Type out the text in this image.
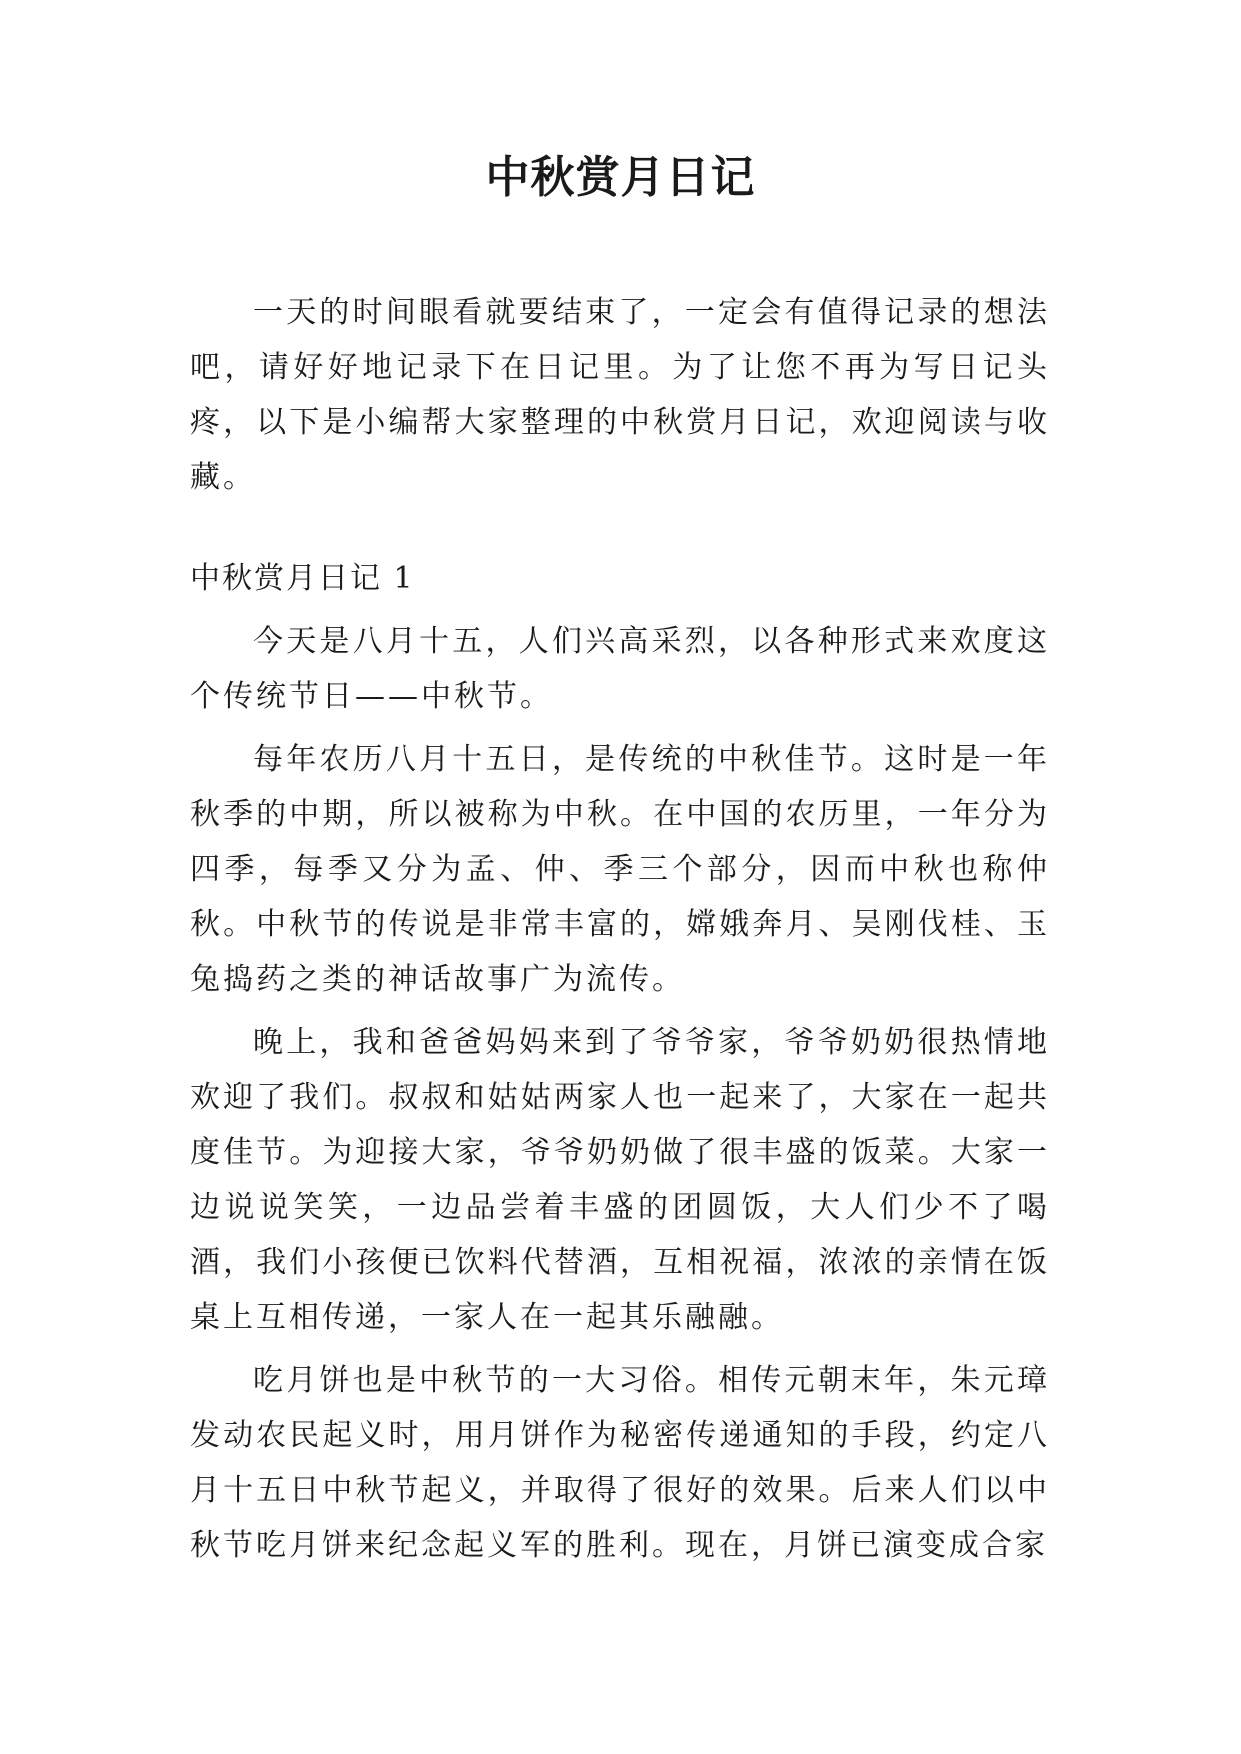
中秋赏月日记

一天的时间眼看就要结束了，一定会有值得记录的想法吧，请好好地记录下在日记里。为了让您不再为写日记头疼，以下是小编帮大家整理的中秋赏月日记，欢迎阅读与收藏。

中秋赏月日记 1

今天是八月十五，人们兴高采烈，以各种形式来欢度这个传统节日——中秋节。

每年农历八月十五日，是传统的中秋佳节。这时是一年秋季的中期，所以被称为中秋。在中国的农历里，一年分为四季，每季又分为孟、仲、季三个部分，因而中秋也称仲秋。中秋节的传说是非常丰富的，嫦娥奔月、吴刚伐桂、玉兔捣药之类的神话故事广为流传。

晚上，我和爸爸妈妈来到了爷爷家，爷爷奶奶很热情地欢迎了我们。叔叔和姑姑两家人也一起来了，大家在一起共度佳节。为迎接大家，爷爷奶奶做了很丰盛的饭菜。大家一边说说笑笑，一边品尝着丰盛的团圆饭，大人们少不了喝酒，我们小孩便已饮料代替酒，互相祝福，浓浓的亲情在饭桌上互相传递，一家人在一起其乐融融。

吃月饼也是中秋节的一大习俗。相传元朝末年，朱元璋发动农民起义时，用月饼作为秘密传递通知的手段，约定八月十五日中秋节起义，并取得了很好的效果。后来人们以中秋节吃月饼来纪念起义军的胜利。现在，月饼已演变成合家
